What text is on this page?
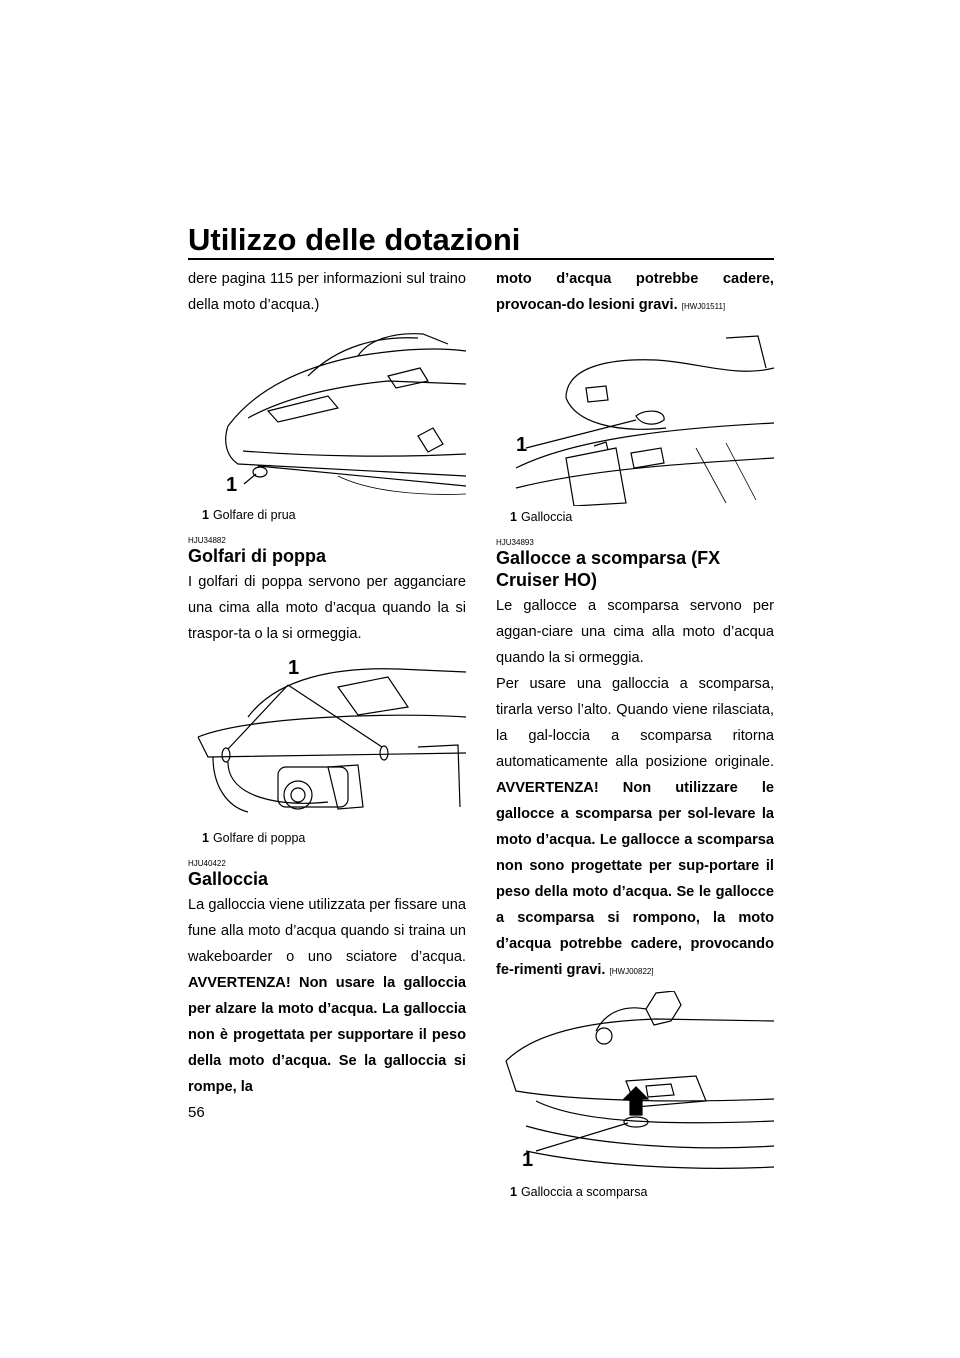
Utilizzo delle dotazioni

dere pagina 115 per informazioni sul traino della moto d’acqua.)

1
1 Golfare di prua
HJU34882
Golfari di poppa

I golfari di poppa servono per agganciare una cima alla moto d’acqua quando la si traspor-ta o la si ormeggia.

1
1 Golfare di poppa
HJU40422
Galloccia

La galloccia viene utilizzata per fissare una fune alla moto d’acqua quando si traina un wakeboarder o uno sciatore d’acqua. AVVERTENZA! Non usare la galloccia per alzare la moto d’acqua. La galloccia non è progettata per supportare il peso della moto d’acqua. Se la galloccia si rompe, la

moto d’acqua potrebbe cadere, provocan-do lesioni gravi. [HWJ01511]

1
1 Galloccia
HJU34893
Gallocce a scomparsa (FX Cruiser HO)

Le gallocce a scomparsa servono per aggan-ciare una cima alla moto d’acqua quando la si ormeggia.

Per usare una galloccia a scomparsa, tirarla verso l’alto. Quando viene rilasciata, la gal-loccia a scomparsa ritorna automaticamente alla posizione originale. AVVERTENZA! Non utilizzare le gallocce a scomparsa per sol-levare la moto d’acqua. Le gallocce a scomparsa non sono progettate per sup-portare il peso della moto d’acqua. Se le gallocce a scomparsa si rompono, la moto d’acqua potrebbe cadere, provocando fe-rimenti gravi. [HWJ00822]

1
1 Galloccia a scomparsa
56
